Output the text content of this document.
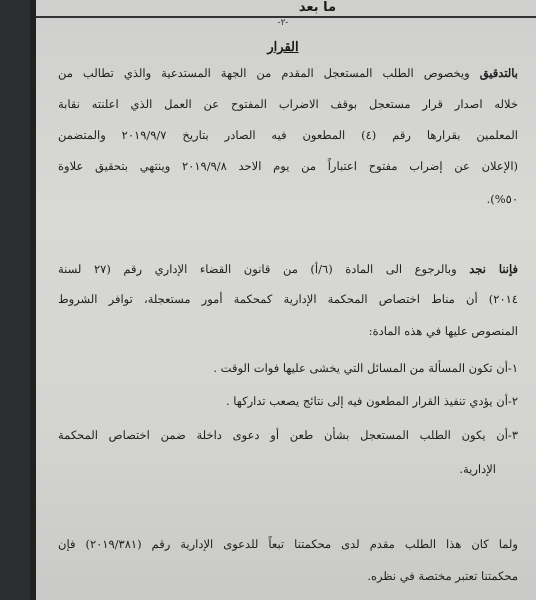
ما بعد
-٢-
القرار
بالتدقيق ويخصوص الطلب المستعجل المقدم من الجهة المستدعية والذي تطالب من
خلاله اصدار قرار مستعجل بوقف الاضراب المفتوح عن العمل الذي اعلنته نقابة
المعلمين بقرارها رقم (٤) المطعون فيه الصادر بتاريخ ٢٠١٩/٩/٧ والمتضمن
(الإعلان عن إضراب مفتوح اعتباراً من يوم الاحد ٢٠١٩/٩/٨ وينتهي بتحقيق علاوة
٥٠%).
فإننا نجد وبالرجوع الى المادة (٦/أ) من قانون القضاء الإداري رقم (٢٧ لسنة
٢٠١٤) أن مناط اختصاص المحكمة الإدارية كمحكمة أمور مستعجلة، توافر الشروط
المنصوص عليها في هذه المادة:
١-أن تكون المسألة من المسائل التي يخشى عليها فوات الوقت .
٢-أن يؤدي تنفيذ القرار المطعون فيه إلى نتائج يصعب تداركها .
٣-أن يكون الطلب المستعجل بشأن طعن أو دعوى داخلة ضمن اختصاص المحكمة
الإدارية.
ولما كان هذا الطلب مقدم لدى محكمتنا تبعاً للدعوى الإدارية رقم (٢٠١٩/٣٨١) فإن
محكمتنا تعتبر مختصة في نظره.
